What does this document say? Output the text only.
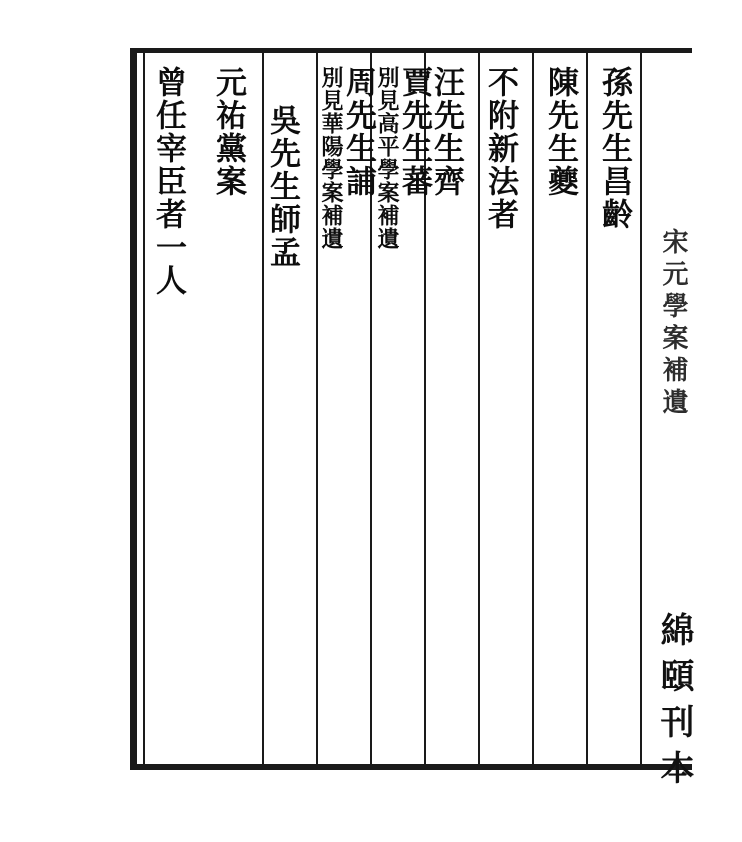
孫先生昌齡
陳先生夔
不附新法者
汪先生齊
賈先生蕃
別見高平學案補遺
周先生誧
別見華陽學案補遺
吳先生師孟
元祐黨案
曾任宰臣者一人
宋元學案補遺
綿頤刊本
